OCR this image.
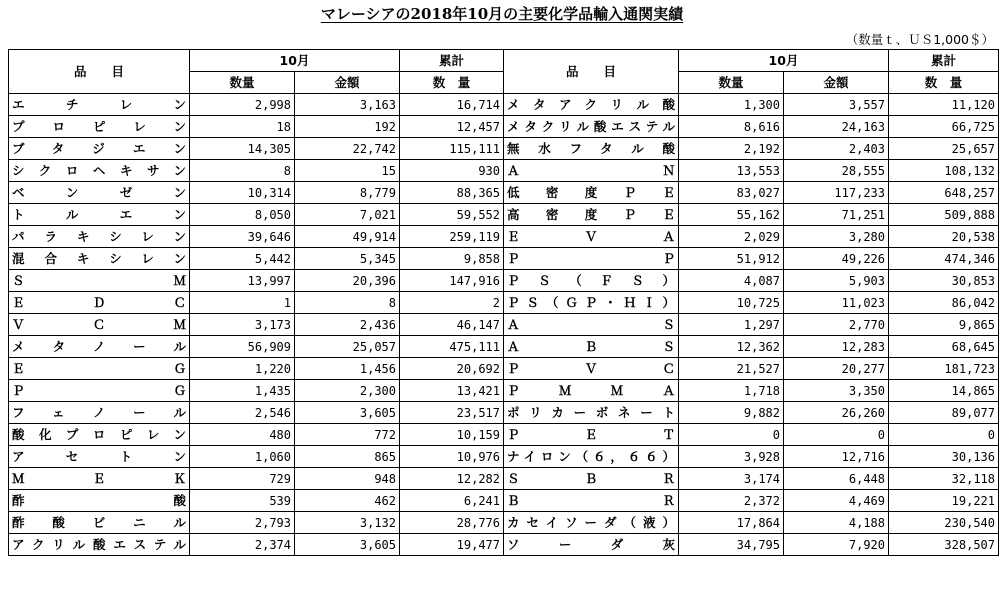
マレーシアの2018年10月の主要化学品輸入通関実績
（数量ｔ、ＵＳ1,000＄）
品　　目	10月		累計	品　　目	10月		累計
	数量	金額	数　量		数量	金額	数　量
エチレン	2,998	3,163	16,714	メタアクリル酸	1,300	3,557	11,120
プロピレン	18	192	12,457	メタクリル酸エステル	8,616	24,163	66,725
ブタジエン	14,305	22,742	115,111	無水フタル酸	2,192	2,403	25,657
シクロヘキサン	8	15	930	ＡＮ	13,553	28,555	108,132
ベンゼン	10,314	8,779	88,365	低密度ＰＥ	83,027	117,233	648,257
トルエン	8,050	7,021	59,552	高密度ＰＥ	55,162	71,251	509,888
パラキシレン	39,646	49,914	259,119	ＥＶＡ	2,029	3,280	20,538
混合キシレン	5,442	5,345	9,858	ＰＰ	51,912	49,226	474,346
ＳＭ	13,997	20,396	147,916	ＰＳ（ＦＳ）	4,087	5,903	30,853
ＥＤＣ	1	8	2	ＰＳ（ＧＰ・ＨＩ）	10,725	11,023	86,042
ＶＣＭ	3,173	2,436	46,147	ＡＳ	1,297	2,770	9,865
メタノール	56,909	25,057	475,111	ＡＢＳ	12,362	12,283	68,645
ＥＧ	1,220	1,456	20,692	ＰＶＣ	21,527	20,277	181,723
ＰＧ	1,435	2,300	13,421	ＰＭＭＡ	1,718	3,350	14,865
フェノール	2,546	3,605	23,517	ポリカーボネート	9,882	26,260	89,077
酸化プロピレン	480	772	10,159	ＰＥＴ	0	0	0
アセトン	1,060	865	10,976	ナイロン（６，６６）	3,928	12,716	30,136
ＭＥＫ	729	948	12,282	ＳＢＲ	3,174	6,448	32,118
酢酸	539	462	6,241	ＢＲ	2,372	4,469	19,221
酢酸ビニル	2,793	3,132	28,776	カセイソーダ（液）	17,864	4,188	230,540
アクリル酸エステル	2,374	3,605	19,477	ソーダ灰	34,795	7,920	328,507
